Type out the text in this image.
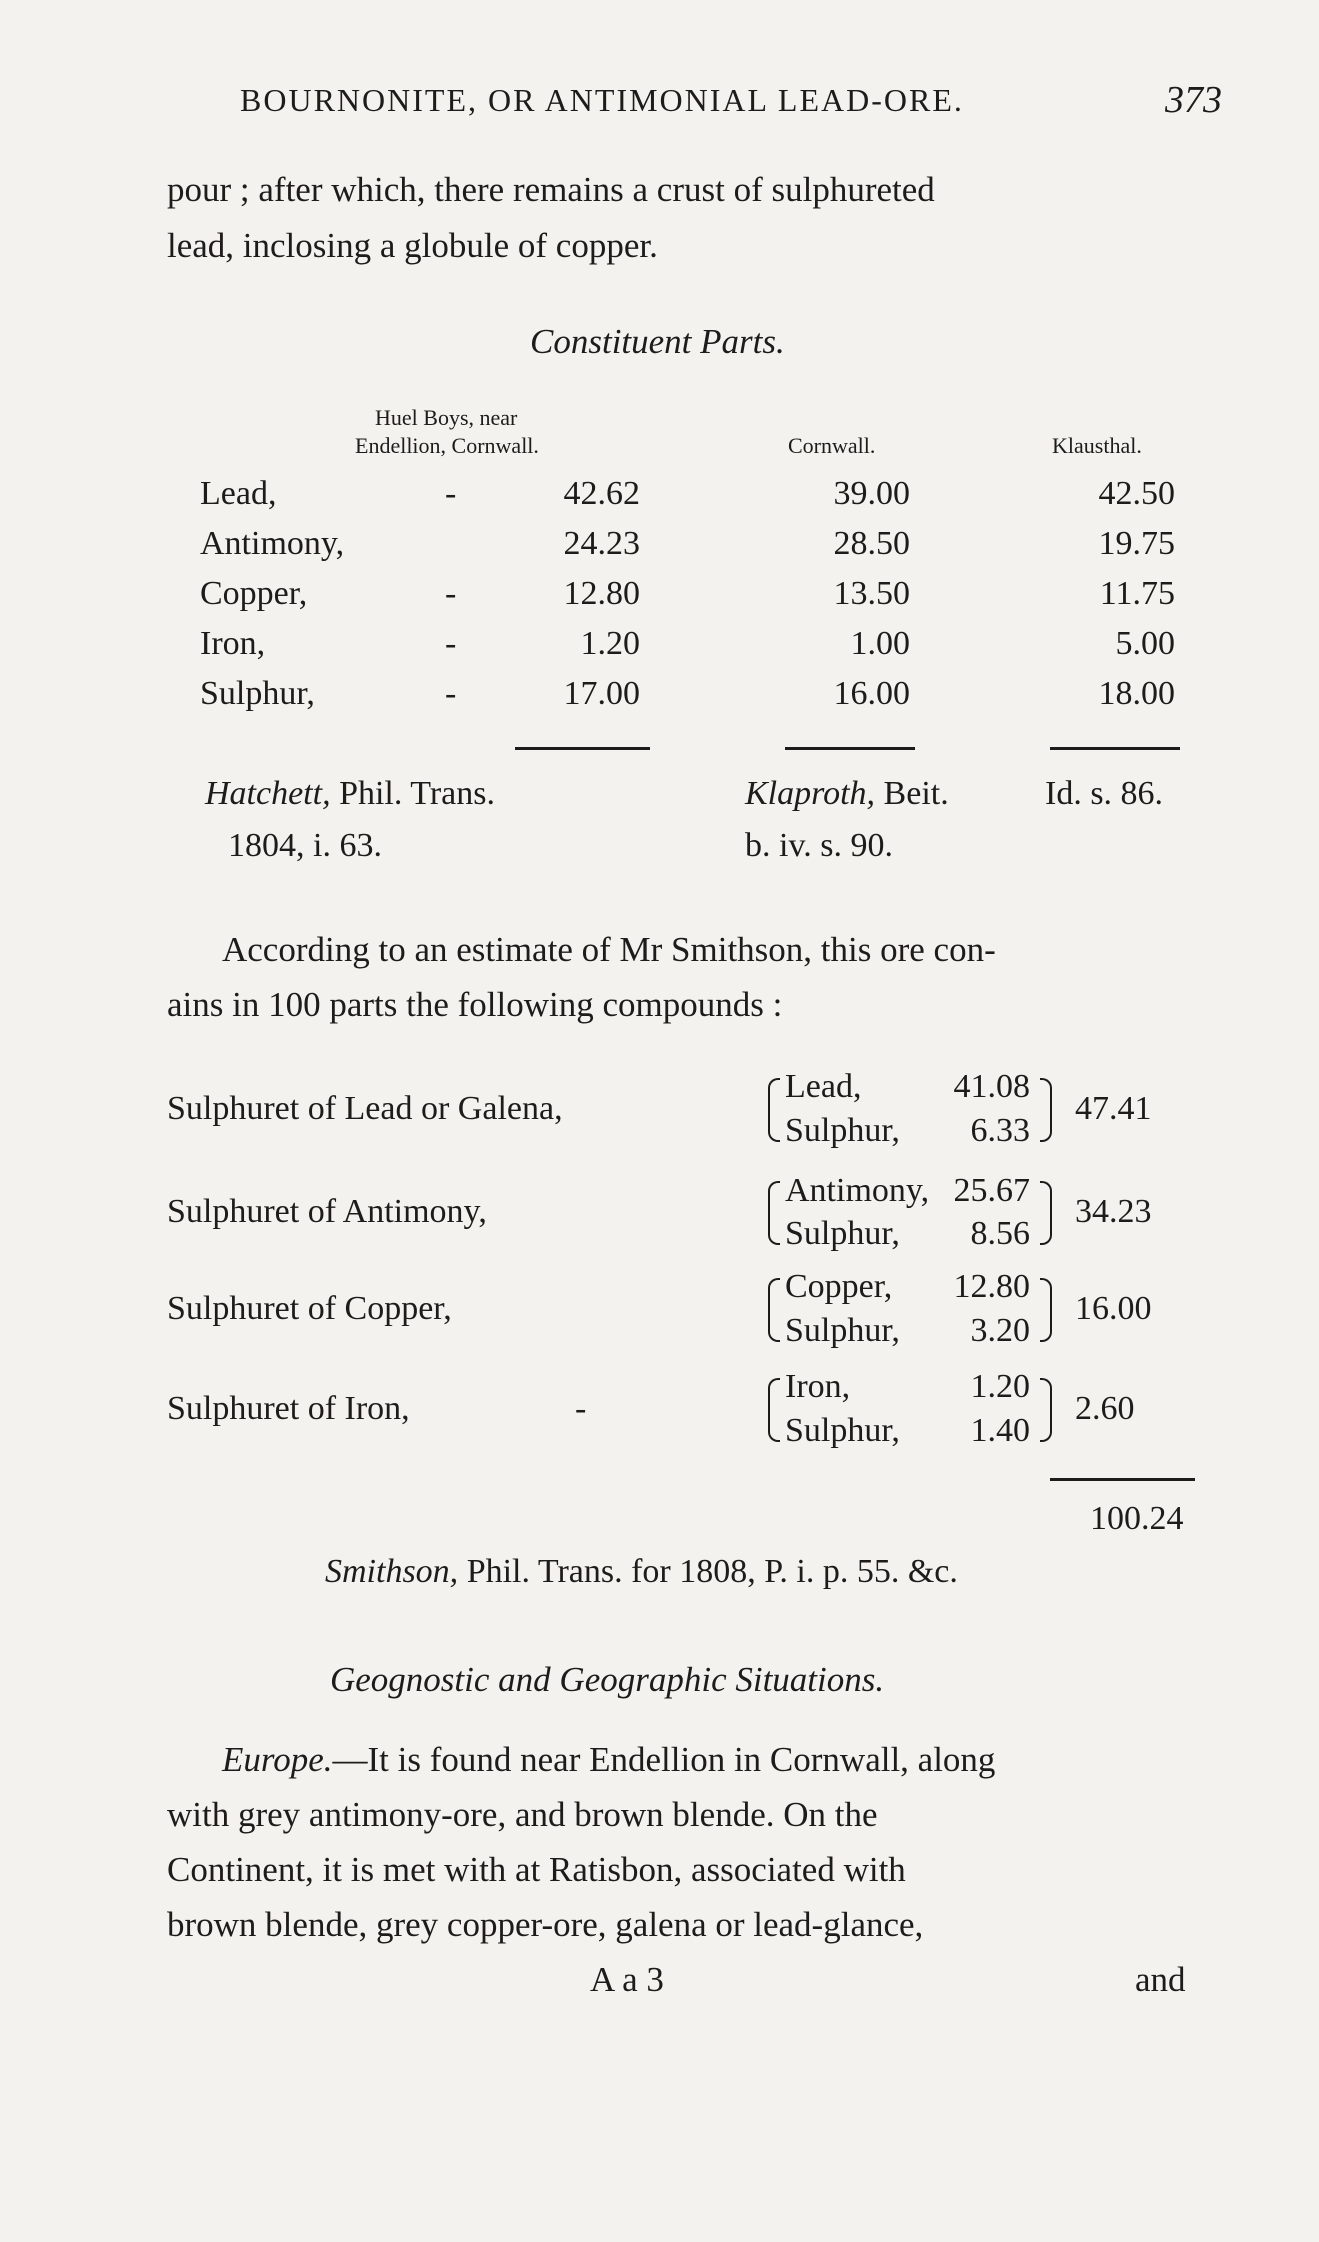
BOURNONITE, OR ANTIMONIAL LEAD-ORE.	373
pour ; after which, there remains a crust of sulphureted
lead, inclosing a globule of copper.
Constituent Parts.
Huel Boys, near
Endellion, Cornwall.	Cornwall.	Klausthal.
Lead,	-	42.62	39.00	42.50
Antimony,	24.23	28.50	19.75
Copper,	-	12.80	13.50	11.75
Iron,	-	1.20	1.00	5.00
Sulphur,	-	17.00	16.00	18.00
Hatchett, Phil. Trans.
1804, i. 63.
Klaproth, Beit.
b. iv. s. 90.
Id. s. 86.
According to an estimate of Mr Smithson, this ore con-
ains in 100 parts the following compounds :
Sulphuret of Lead or Galena,
Lead,	41.08
Sulphur,	6.33
47.41
Sulphuret of Antimony,
Antimony, 25.67
Sulphur,	8.56
34.23
Sulphuret of Copper,
Copper,	12.80
Sulphur,	3.20
16.00
Sulphuret of Iron,	-
Iron,	1.20
Sulphur,	1.40
2.60
100.24
Smithson, Phil. Trans. for 1808, P. i. p. 55. &c.
Geognostic and Geographic Situations.
Europe.—It is found near Endellion in Cornwall, along
with grey antimony-ore, and brown blende. On the
Continent, it is met with at Ratisbon, associated with
brown blende, grey copper-ore, galena or lead-glance,
A a 3	and
